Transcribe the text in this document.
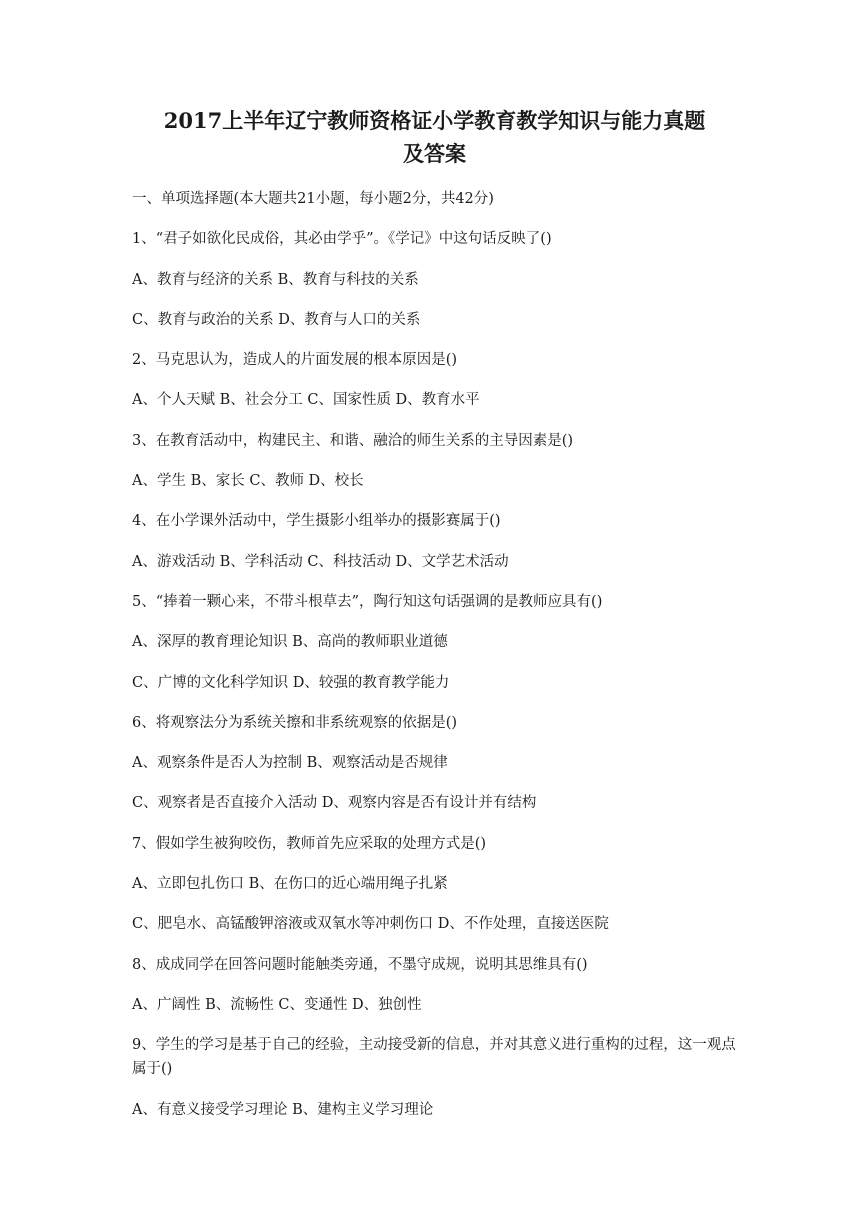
2017上半年辽宁教师资格证小学教育教学知识与能力真题
及答案

一、单项选择题(本大题共21小题，每小题2分，共42分)

1、“君子如欲化民成俗，其必由学乎”。《学记》中这句话反映了()

A、教育与经济的关系 B、教育与科技的关系

C、教育与政治的关系 D、教育与人口的关系

2、马克思认为，造成人的片面发展的根本原因是()

A、个人天赋 B、社会分工 C、国家性质 D、教育水平

3、在教育活动中，构建民主、和谐、融洽的师生关系的主导因素是()

A、学生 B、家长 C、教师 D、校长

4、在小学课外活动中，学生摄影小组举办的摄影赛属于()

A、游戏活动 B、学科活动 C、科技活动 D、文学艺术活动

5、“捧着一颗心来，不带斗根草去”，陶行知这句话强调的是教师应具有()

A、深厚的教育理论知识 B、高尚的教师职业道德

C、广博的文化科学知识 D、较强的教育教学能力

6、将观察法分为系统关擦和非系统观察的依据是()

A、观察条件是否人为控制 B、观察活动是否规律

C、观察者是否直接介入活动 D、观察内容是否有设计并有结构

7、假如学生被狗咬伤，教师首先应采取的处理方式是()

A、立即包扎伤口 B、在伤口的近心端用绳子扎紧

C、肥皂水、高锰酸钾溶液或双氧水等冲刺伤口 D、不作处理，直接送医院

8、成成同学在回答问题时能触类旁通，不墨守成规，说明其思维具有()

A、广阔性 B、流畅性 C、变通性 D、独创性

9、学生的学习是基于自己的经验，主动接受新的信息，并对其意义进行重构的过程，这一观点属于()

A、有意义接受学习理论 B、建构主义学习理论
